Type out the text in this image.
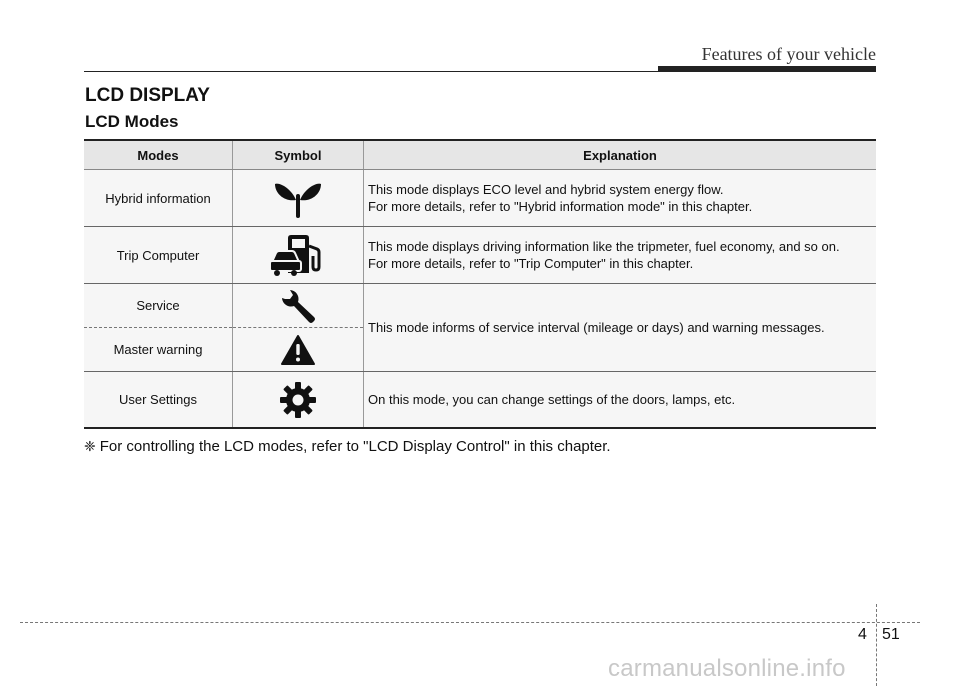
Features of your vehicle
LCD DISPLAY
LCD Modes
Modes	Symbol	Explanation
Hybrid information		This mode displays ECO level and hybrid system energy flow.
For more details, refer to "Hybrid information mode" in this chapter.

Trip Computer		This mode displays driving information like the tripmeter, fuel economy, and so on.
For more details, refer to "Trip Computer" in this chapter.

Service		This mode informs of service interval (mileage or days) and warning messages.
Master warning	

User Settings		On this mode, you can change settings of the doors, lamps, etc.
❈ For controlling the LCD modes, refer to "LCD Display Control" in this chapter.
4 51
carmanualsonline.info
